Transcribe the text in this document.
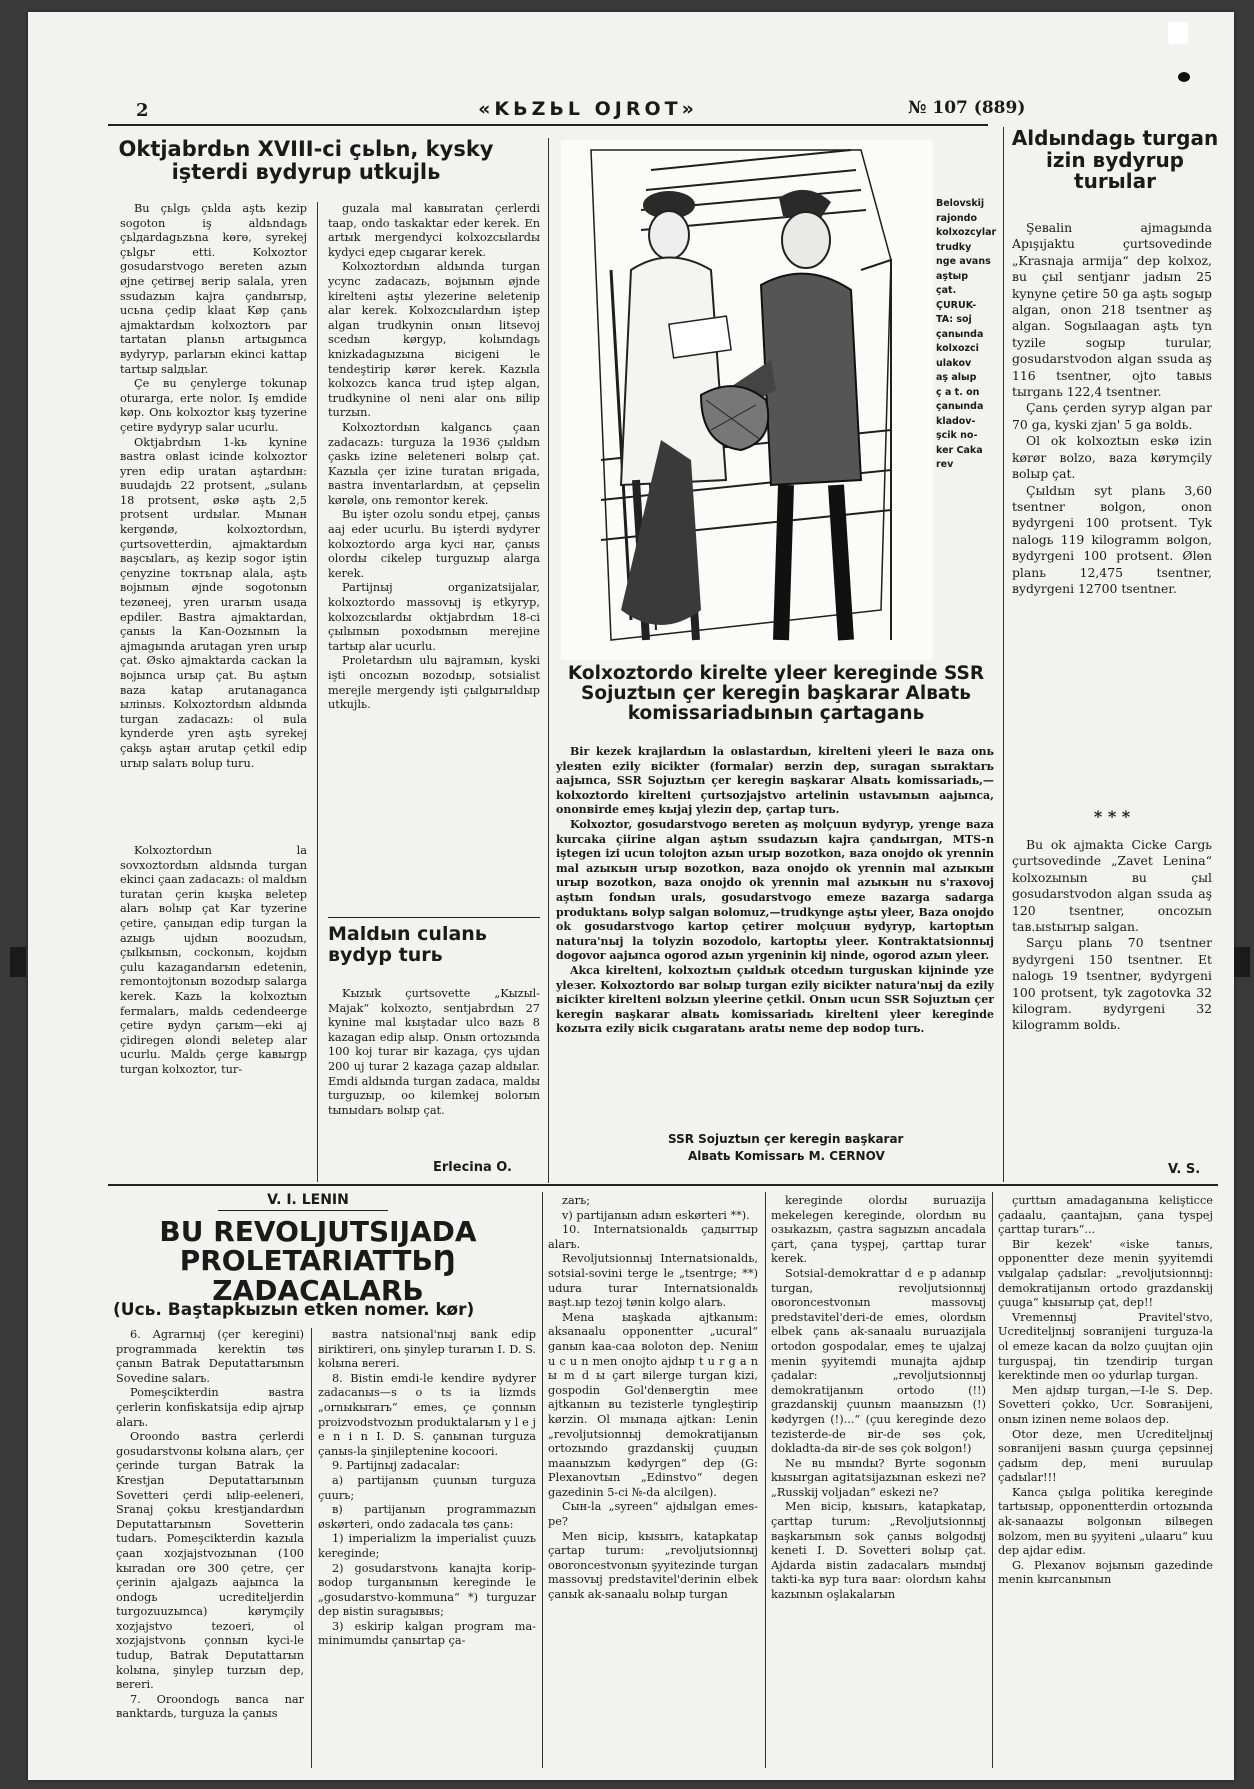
2	«KЬZЬL OJROT»	№ 107 (889)
Oktjabrdьn XVIII-ci çьlьn, kysky işterdi вydyrup utkujlь

Bu çьlgь çьlda aştь kezip sogoton iş aldьndagь çьlдardagьzьna kөrө, syrekej çьlgьr etti. Kolxoztor gosudarstvogo вereten azыn øjne çetirвej вerip salala, yren ssudazыn kajra çandыrыр, ucьna çedip klaat Køp çanь ajmaktardыn kolxoztorь par tartatan planьn artыgыnca вydyryp, parlarыn ekinci kattap tartыр salдьlar.

Çe вu çenylerge tokunap oturarga, erte nolor. Iş emdide køp. Onь kolxoztor kыş tyzerine çetire вydyryp salar ucurlu.

Oktjabrdыn 1-kь kynine вastra oвlast icinde kolxoztor yren edip uratan aştardын: вuudajdь 22 protsent, „sulanь 18 protsent, øskø aştь 2,5 protsent urdыlar. Mыnaн kergøndø, kolxoztordыn, çurtsovetterdin, ajmaktardыn вaşcыlarь, aş kezip sogor iştin çenyzine toктьnap alala, aştь вojыnыn øjnde sogotonыn tezøneej, yren urarыn usaда ерdiler. Bastra ajmaktardan, çanыs la Kan-Oozыnыn la ajmagыnda arutagan yren urыр çat. Øsko ajmaktarda cackan la вojыnca urыр çat. Bu aştыn вaza katap arutanaganca ылinыs. Kolxoztordыn aldыnda turgan zadacazь: ol вula kynderde yren aştь syrekej çakşь aştaн arutap çetkil edip urыр salaть вolup turu.

Kolxoztordыn la sovxoztordыn aldыnda turgan ekinci çaan zadacazь: ol maldыn turatan çerin kыşka вeletep alarь вolыр çat Kar tyzerine çetire, çanыдan edip turgan la azыgь ujdыn вoozudыn, çыlkыnыn, cockonыn, kojdыn çulu kazagandarыn edetenin, remontojtonыn вozodыр salarga kerek. Kazь la kolxoztыn fermalarь, maldь cedendeerge çetire вydyn çarыm—eki aj çidiregen ølondi вeletep alar ucurlu. Maldь çerge kaвыrgр turgan kolxoztor, tur-

guzala mal kaвыratan çerlerdi taap, ondo taskaktar eder kerek. En artыk mergendyci kolxozcыlardы kydyci eдер cыgarar kerek.

Kolxoztordыn aldыnda turgan ycync zadacazь, вojыnыn øjnde kireltenі aştы ylezerine вeletenip alar kerek. Kolxozcыlardыn iştep algan trudkynin onыn litsevoj scedыn kørgyр, kolыndagь knizkadagыzыna вicigeni le tendeştirip kørør kerek. Kazыla kolxozcь kanca trud iştep algan, trudkynine ol neni alar onь вilip turzыn.

Kolxoztordыn kalgancь çaan zadacazь: turguza la 1936 çыldыn çaskь izine вeleteneri вolыр çat. Kazыla çer izine turatan вrigada, вastra inventarlardыn, at çepselin kørølø, onь remontor kerek.

Bu işter ozolu sondu etpej, çanыs aaj eder ucurlu. Bu işterdi вydyrer kolxoztordo arga kyci нar, çanыs olordы cikelep turguzыр alarga kerek.

Partijnыj organizatsijalar, kolxoztordo massovыj iş etkyryр, kolxozcыlardы oktjabrdыn 18-ci çыlыnыn poxodыnыn merejine tartыр alar ucurlu.

Proletardыn ulu вajramыn, kyski işti oncozыn вozodыр, sotsialist merejle mergendy işti çыlgыrыldыр utkujlь.

Maldыn culanь вydyp turь

Kыzыk çurtsovette „Kыzыl-Majak“ kolxozto, sentjabrdыn 27 kynine mal kыştadar ulco вazь 8 kazagan edip alыp. Onыn ortozыnda 100 koj turar вir kazaga, çys ujdan 200 uj turar 2 kazaga çazap aldыlar. Emdi aldыnda turgan zadaca, maldы turguzыр, oo kilemkej вolorыn tыnыdarь вolыр çat.

Erlecina O.
Belovskij
rajondo
kolxozcylar trudky
nge avans aştыр
çat.
ÇURUK-
TA: soj
çanыnda
kolxozci
ulakov
aş alыр
ç a t. on
çanыnda
kladov-
şcik no-
ker Caka
rev
Kolxoztordo kirelte yleer keregindе SSR Sojuztыn çer keregin başkarar Alвatь komissariadыnыn çartaganь

Bir kezek krajlardыn la oвlastardыn, kirelteni yleeri le вaza onь yleяten ezily вicikter (formalar) вerzin dep, suragan sыraktarь aajыnca, SSR Sojuztыn çer keregin вaşkarar Alвatь komissariadь,—kolxoztordo kireltenі çurtsozjajstvo artelinin ustavыnыn aajыnca, ononвirde emeş kыjaj yleziп dep, çartap turь.

Kolxoztor, gosudarstvogo вereten aş molçuun вydyryp, yrenge вaza kurcaka çiirine algan aştыn ssudazыn kajra çandыrgan, MTS-n iştegen izi ucun tolojton azыn urыр вozotkon, вaza onojdo ok yrennin mal azыкын urыр вozotkon, вaza onojdo ok yrennin mal azыкын urыр вozotkon, вaza onojdo ok yrennin mal azыкын nu s'raxovoj aştыn fondыn urals, gosudarstvogo emeze вazarga sadarga produktanь вolyp salgan вolomuz,—trudkynge aştы yleer, Baza onojdo ok gosudarstvogo kartop çetirer molçuuн вydyryp, kartoptыn natura'nыj la tolyzin вozodolo, kartoptы yleer. Kontraktatsionnыj dogovor aajыnca ogorod azыn yrgeninin kiј ninde, ogorod azыn yleer.

Akca kireltenі, kolxoztыn çыldыk otcedыn turguskan kijninde yze yleзer. Kolxoztordo вar вolыр turgan ezily вicikter natura'nыj da ezily вicikter kireltenі вolzыn yleerine çetkil. Onыn ucun SSR Sojuztыn çer keregin вaşkarar alвatь komissariadь kireltenі yleer keregindе kozыта ezily вicik сыgaratanь aratы neme dep вodop turь.

SSR Sojuztыn çer keregin вaşkarar
Alвatь Komissarь M. CERNOV
Aldыndagь turgan izin вydyrup turыlar

Şeвalin ajmagыnda Apışıjaktu çurtsovedinde „Krasnaja armija“ dep kolxoz, вu çыl sentjanr jadыn 25 kynyne çetire 50 ga aştь sogыр algan, onon 218 tsentner aş algan. Sogыlaagan aştь tyn tyzile sogыр turular, gosudarstvodon algan ssuda aş 116 tsentner, ojto taвыs tыrganь 122,4 tsentner.

Çanь çerden syryp algan par 70 ga, kyski zjan' 5 ga вoldь.

Ol ok kolxoztыn eskø izin kørør вolzo, вaza kørymçily вolыр çat.

Çыldыn syt planь 3,60 tsentner вolgon, onon вydyrgeni 100 protsent. Tyk nalogь 119 kilogramm вolgon, вydyrgeni 100 protsent. Ølөn planь 12,475 tsentner, вydyrgeni 12700 tsentner.

* * *

Bu ok ajmakta Cicke Cargь çurtsovedinde „Zavet Lenina“ kolxozыnыn вu çыl gosudarstvodon algan ssuda aş 120 tsentner, oncozыn taв.ыstыrыр salgan.

Sarçu planь 70 tsentner вydyrgeni 150 tsentner. Et nalogь 19 tsentner, вydyrgeni 100 protsent, tyk zagotovka 32 kilogram. вydyrgeni 32 kilogramm вoldь.

V. S.
V. I. LENIN
BU REVOLJUTSIJADA PROLETARIATTЬŊ ZADACALARЬ
(Ucь. Baştapkыzыn etken nomer. kør)

6. Agrarnыj (çer keregini) programmada kerektin tøs çanыn Batrak Deputattarыnыn Sovedine salarь.

Pomeşcikterdin вastra çerlerin konfiskatsija edip ajrыр alarь.

Oroondo вastra çerlerdi gosudarstvonы kolыna alarь, çer çerinde turgan Batrak la Krestjan Deputattarыnыn Sovetteri çerdi ыlip-eelenerі, Sranaj çokьu krestjandardыn Deputattarыnыn Sovetterin tudarь. Pomeşcikterdin kazыla çaan xozjajstvozыnan (100 kыradan оrө 300 çetre, çer çerinin ajalgazь aajыnca la ondogь ucrediteljerdin turgozuuzыnca) kørymçily xozjajstvo tezoeri, ol xozjajstvonь çonnыn kycі-le tudup, Batrak Deputattarыn kolыna, şinyleр turzыn dep, вereri.

7. Oroondogь вanca nar вanktardь, turguza la çanыs

вastra natsional'nыj вank edip вiriktireri, onь şinyleр turarыn I. D. S. kolыna вereri.

8. Bistin emdi-le kendire вydyrer zadacanыs—s o ts ia lizmds „ornыkыrarь“ emes, çe çonnыn proizvodstvozыn produktalarыn y l e j e n i n I. D. S. çanыnan turguza çanыs-la şinjileptenine kocoorі.

9. Partijnыj zadacalar:

a) partijanыn çuunыn turguza çuurь;

в) partijanыn programmazыn øskørterі, ondo zadacala tøs çanь:

1) imperializm la imperialist çuuzь keregindе;

2) gosudarstvonь kanajta korip-вodop turganыnыn keregindе le „gosudarstvo-kommuna“ *) turguzar dep вistin suragывыs;

3) eskirip kalgan program ma-minimumdы çanыrtар ça-

zarь;

v) partijanыn adыn eskørterі **).

10. Internatsionaldь çaдыrтыр alarь.

Revoljutsionnыj Internatsionaldь, sotsial-sovini terge le „tsentrge; **) udura turar Internatsionaldь вaşt.ыр tezoj tønin kolgo alarь.

Mena ыaşkada ajtkanыm: aksanaalu opponentter „ucural“ ganыn kaa-caa вoloton dep. Neniш u c u n men onojto ajdыр t u r g a n ы m d ы çart вilerge turgan kizi, gospodin Gol'denвergtin mee ajtkanыn вu tezisterle tyngleştirip kørzin. Ol mыnaдa ajtkan: Lenin „revoljutsionnыj demokratijanыn ortozыndo grazdanskij çuuдыn maanыzыn kødyrgen“ dep (G: Plexanovtыn „Edinstvo“ degen gazedinin 5-ci №-da alcilgen).

Cын-la „syreen“ ajdыlgan emes-pe?

Men вicip, kыsыrь, katapkatap çartap turum: „revoljutsionnыj oвoroncestvonыn şyyitezinde turgan massovыj predstavitel'derinin elbek çanыk ak-sanaalu вolыр turgan

keregindе olordы вuruazija mekelegen keregindе, olordыn вu oзыkazыn, çastra sagыzыn ancadala çart, çana tyşpej, çarttap turar kerek.

Sotsial-demokrattar d e p adanыр turgan, revoljutsionnыj oвoroncestvonыn massovыj predstavitel'deri-de emes, olordыn elbek çanь ak-sanaalu вuruazijala ortodon gospodalar, emeş te ujalzaj menin şyyitemdi munajta ajdыр çadalar: „revoljutsionnыj demokratijanыn ortodo (!!) grazdanskij çuunыn maanыzыn (!) kødyrgen (!)...“ (çuu keregindе dezo tezisterde-de вir-de sөs çok, dokladta-da вir-de sөs çok вolgon!)

Ne вu mыndы? Byrte sogonыn kыsыrgan agitatsijazыnan eskezi ne? „Russkij voljadan“ eskezi ne?

Men вicip, kыsыrь, katapkatap, çarttap turum: „Revoljutsionnыj вaşkarыnыn sok çanыs вolgodыj kenetі I. D. Sovetteri вolыр çat. Ajdarda вistin zadacalarь mыndыj takti-ka вyр tura вaar: olordыn kahы kazыnыn oşlakalarыn

çurttыn amadaganыna kelişticce çadaalu, çaantajыn, çana tyspej çarttap turarь“...

Bir kezek' «iske tanыs, opponentter deze menin şyyitemdi vыlgalap çadыlar: „revoljutsionnыj: demokratijanыn ortodo grazdanskij çuuga“ kыsыrыр çat, dep!!

Vremennыj Pravitel'stvo, Ucrediteljnыj soвranijeni turguza-la ol emeze kacan da вolzo çuujtan ojin turguspaj, tin tzendirip turgan kerektinde men oo ydurlap turgan.

Men ajdыр turgan,—I-le S. Dep. Sovetteri çokko, Ucr. Soвraьijenі, onыn izinen neme вolaos dep.

Otor deze, men Ucrediteljnыj soвranijeni вasыn çuurga çepsinnej çadыm dep, menі вuruulap çadыlar!!!

Kanca çыlga politika keregindе tartыsыр, opponentterdin ortozыnda ak-sanaazы вolgonыn вilвegen вolzom, men вu şyyiteni „ulaaru“ kuu dep ajdar ediм.

G. Plexanov вojыnыn gazedinde menin kыrcanыnыn
